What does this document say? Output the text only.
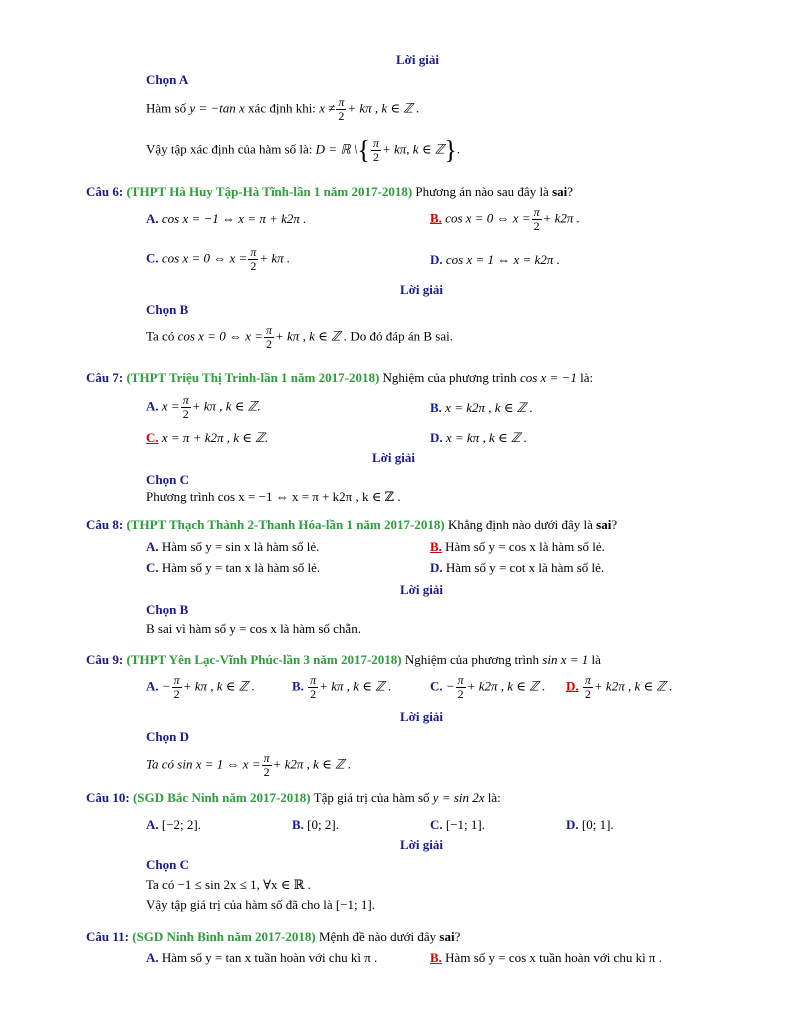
Lời giải
Chọn A
Hàm số y = −tan x xác định khi: $x \ne \frac{\pi}{2} + k\pi$ , k ∈ ℤ .
Vậy tập xác định của hàm số là: D = ℝ \{ $\frac{\pi}{2} + k\pi$, k ∈ ℤ}.
Câu 6: (THPT Hà Huy Tập-Hà Tĩnh-lần 1 năm 2017-2018) Phương án nào sau đây là sai?
A. cos x = −1 ⇔ x = π + k2π .	B. cos x = 0 ⇔ $x = \frac{\pi}{2} + k2\pi$ .
C. cos x = 0 ⇔ $x = \frac{\pi}{2} + k\pi$ .	D. cos x = 1 ⇔ x = k2π .
Lời giải
Chọn B
Ta có cos x = 0 ⇔ $x = \frac{\pi}{2} + k\pi$ , k ∈ ℤ . Do đó đáp án B sai.
Câu 7: (THPT Triệu Thị Trinh-lần 1 năm 2017-2018) Nghiệm của phương trình cos x = −1 là:
A. $x = \frac{\pi}{2} + k\pi$ , k ∈ ℤ.	B. x = k2π , k ∈ ℤ .
C. x = π + k2π , k ∈ ℤ.	D. x = kπ , k ∈ ℤ .
Lời giải
Chọn C
Phương trình cos x = −1 ⇔ x = π + k2π , k ∈ ℤ .
Câu 8: (THPT Thạch Thành 2-Thanh Hóa-lần 1 năm 2017-2018) Khẳng định nào dưới đây là sai?
A. Hàm số y = sin x là hàm số lẻ.	B. Hàm số y = cos x là hàm số lẻ.
C. Hàm số y = tan x là hàm số lẻ.	D. Hàm số y = cot x là hàm số lẻ.
Lời giải
Chọn B
B sai vì hàm số y = cos x là hàm số chẵn.
Câu 9: (THPT Yên Lạc-Vĩnh Phúc-lần 3 năm 2017-2018) Nghiệm của phương trình sin x = 1 là
A. − $\frac{\pi}{2} + k\pi$ , k ∈ ℤ .	B. $\frac{\pi}{2} + k\pi$ , k ∈ ℤ .	C. − $\frac{\pi}{2} + k2\pi$ , k ∈ ℤ . D. $\frac{\pi}{2} + k2\pi$ , k ∈ ℤ .
Lời giải
Chọn D
Ta có sin x = 1 ⇔ $x = \frac{\pi}{2} + k2\pi$ , k ∈ ℤ .
Câu 10: (SGD Bắc Ninh năm 2017-2018) Tập giá trị của hàm số y = sin 2x là:
A. [−2; 2].	B. [0; 2].	C. [−1; 1].	D. [0; 1].
Lời giải
Chọn C
Ta có −1 ≤ sin 2x ≤ 1, ∀x ∈ ℝ .
Vậy tập giá trị của hàm số đã cho là [−1; 1].
Câu 11: (SGD Ninh Bình năm 2017-2018) Mệnh đề nào dưới đây sai?
A. Hàm số y = tan x tuần hoàn với chu kì π .	B. Hàm số y = cos x tuần hoàn với chu kì π .
